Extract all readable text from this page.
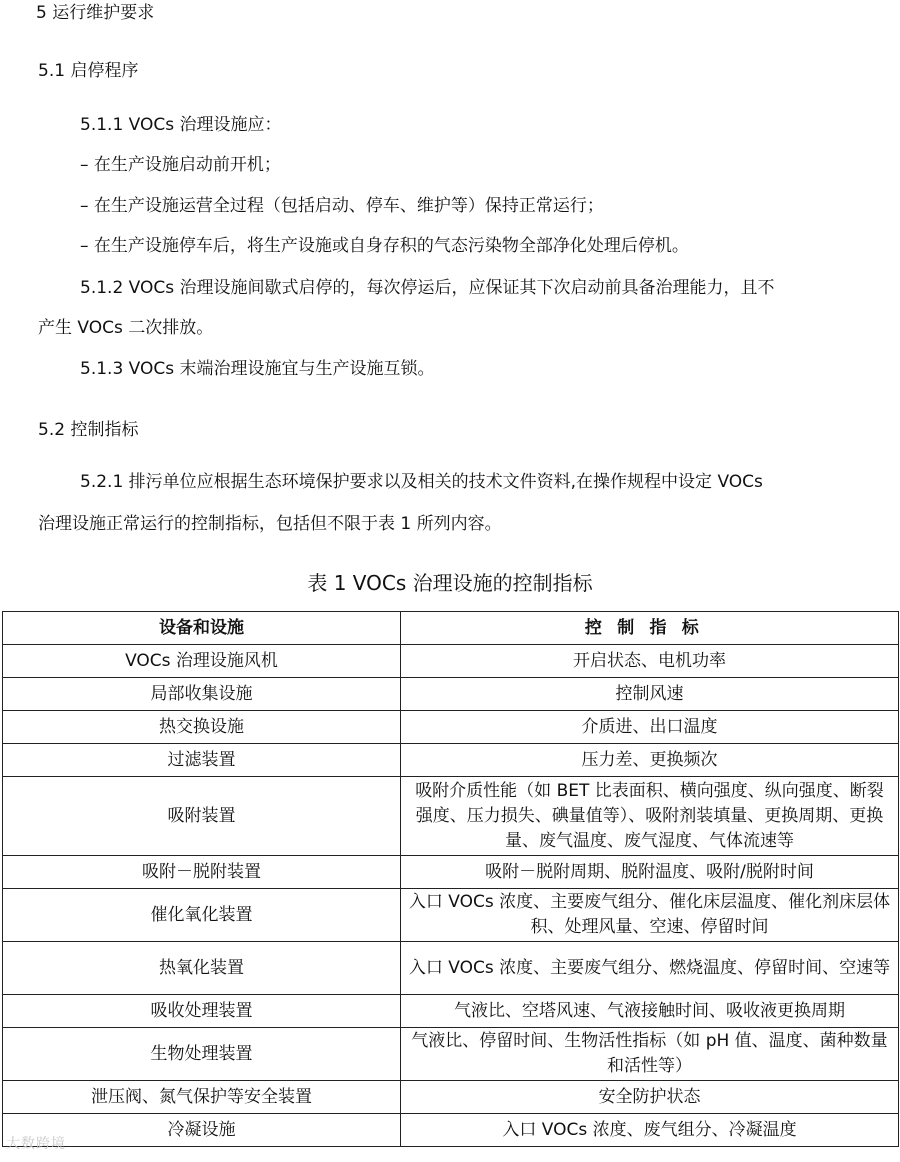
5 运行维护要求
5.1 启停程序
5.1.1 VOCs 治理设施应：
– 在生产设施启动前开机；
– 在生产设施运营全过程（包括启动、停车、维护等）保持正常运行；
– 在生产设施停车后，将生产设施或自身存积的气态污染物全部净化处理后停机。
5.1.2 VOCs 治理设施间歇式启停的，每次停运后，应保证其下次启动前具备治理能力，且不
产生 VOCs 二次排放。
5.1.3 VOCs 末端治理设施宜与生产设施互锁。
5.2 控制指标
5.2.1 排污单位应根据生态环境保护要求以及相关的技术文件资料,在操作规程中设定 VOCs
治理设施正常运行的控制指标，包括但不限于表 1 所列内容。
表 1 VOCs 治理设施的控制指标
设备和设施	控制指标
VOCs 治理设施风机	开启状态、电机功率
局部收集设施	控制风速
热交换设施	介质进、出口温度
过滤装置	压力差、更换频次
吸附装置	吸附介质性能（如 BET 比表面积、横向强度、纵向强度、断裂强度、压力损失、碘量值等）、吸附剂装填量、更换周期、更换量、废气温度、废气湿度、气体流速等
吸附－脱附装置	吸附－脱附周期、脱附温度、吸附/脱附时间
催化氧化装置	入口 VOCs 浓度、主要废气组分、催化床层温度、催化剂床层体积、处理风量、空速、停留时间
热氧化装置	入口 VOCs 浓度、主要废气组分、燃烧温度、停留时间、空速等
吸收处理装置	气液比、空塔风速、气液接触时间、吸收液更换周期
生物处理装置	气液比、停留时间、生物活性指标（如 pH 值、温度、菌种数量和活性等）
泄压阀、氮气保护等安全装置	安全防护状态
冷凝设施	入口 VOCs 浓度、废气组分、冷凝温度
大数跨境
